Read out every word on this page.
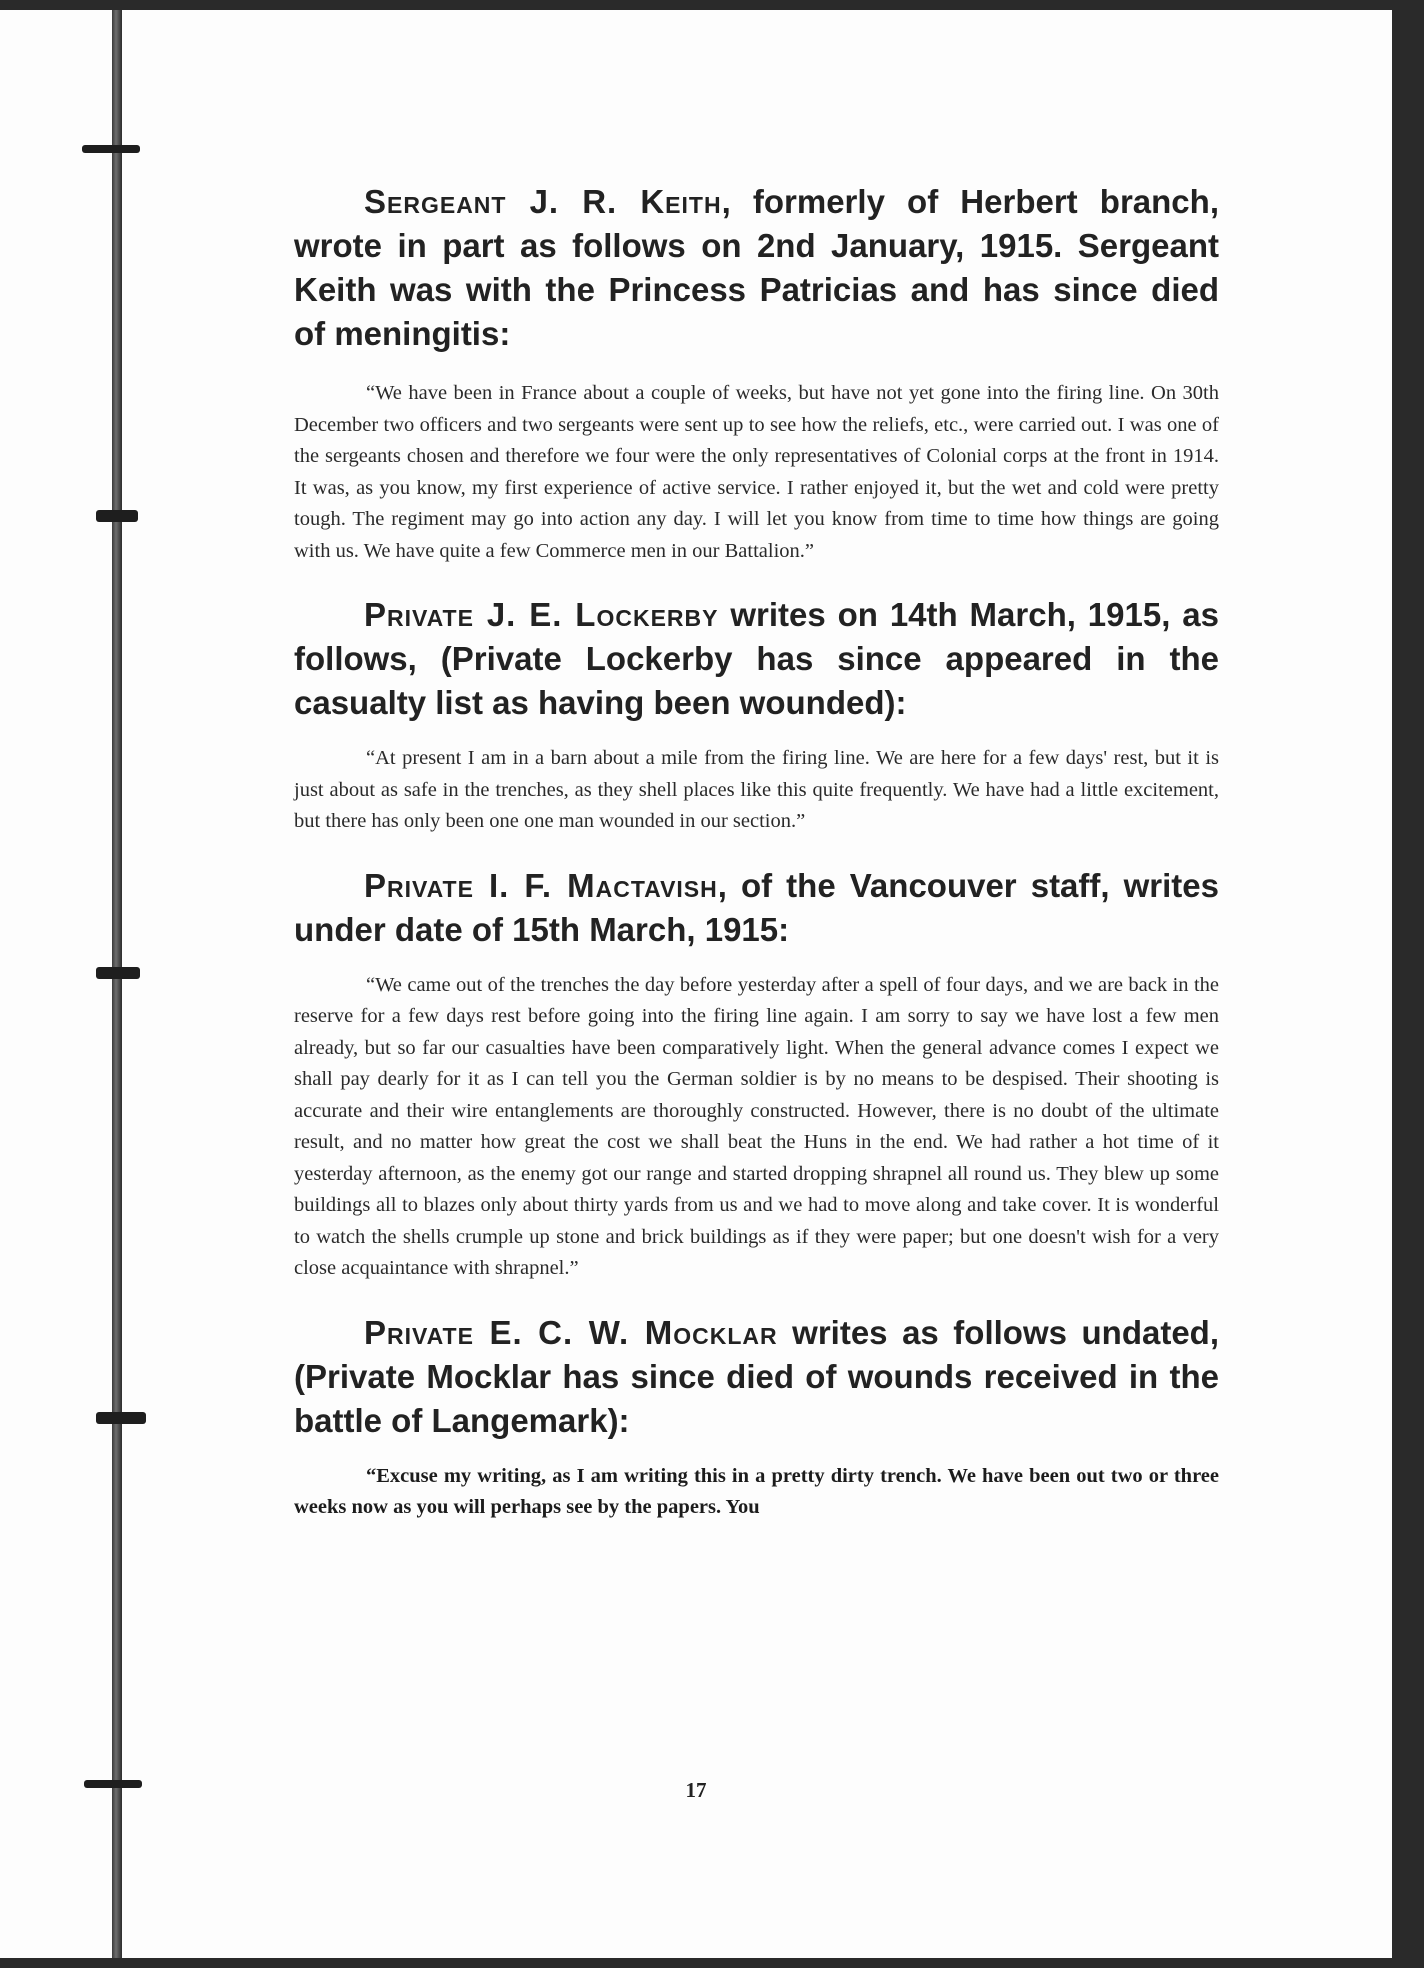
Sergeant J. R. Keith, formerly of Herbert branch, wrote in part as follows on 2nd January, 1915. Sergeant Keith was with the Princess Patricias and has since died of meningitis:

“We have been in France about a couple of weeks, but have not yet gone into the firing line. On 30th December two officers and two sergeants were sent up to see how the reliefs, etc., were carried out. I was one of the sergeants chosen and therefore we four were the only representatives of Colonial corps at the front in 1914. It was, as you know, my first experience of active service. I rather enjoyed it, but the wet and cold were pretty tough. The regiment may go into action any day. I will let you know from time to time how things are going with us. We have quite a few Commerce men in our Battalion.”

Private J. E. Lockerby writes on 14th March, 1915, as follows, (Private Lockerby has since appeared in the casualty list as having been wounded):

“At present I am in a barn about a mile from the firing line. We are here for a few days' rest, but it is just about as safe in the trenches, as they shell places like this quite frequently. We have had a little excitement, but there has only been one one man wounded in our section.”

Private I. F. Mactavish, of the Vancouver staff, writes under date of 15th March, 1915:

“We came out of the trenches the day before yesterday after a spell of four days, and we are back in the reserve for a few days rest before going into the firing line again. I am sorry to say we have lost a few men already, but so far our casualties have been comparatively light. When the general advance comes I expect we shall pay dearly for it as I can tell you the German soldier is by no means to be despised. Their shooting is accurate and their wire entanglements are thoroughly constructed. However, there is no doubt of the ultimate result, and no matter how great the cost we shall beat the Huns in the end. We had rather a hot time of it yesterday afternoon, as the enemy got our range and started dropping shrapnel all round us. They blew up some buildings all to blazes only about thirty yards from us and we had to move along and take cover. It is wonderful to watch the shells crumple up stone and brick buildings as if they were paper; but one doesn't wish for a very close acquaintance with shrapnel.”

Private E. C. W. Mocklar writes as follows undated, (Private Mocklar has since died of wounds received in the battle of Langemark):

“Excuse my writing, as I am writing this in a pretty dirty trench. We have been out two or three weeks now as you will perhaps see by the papers. You

17
